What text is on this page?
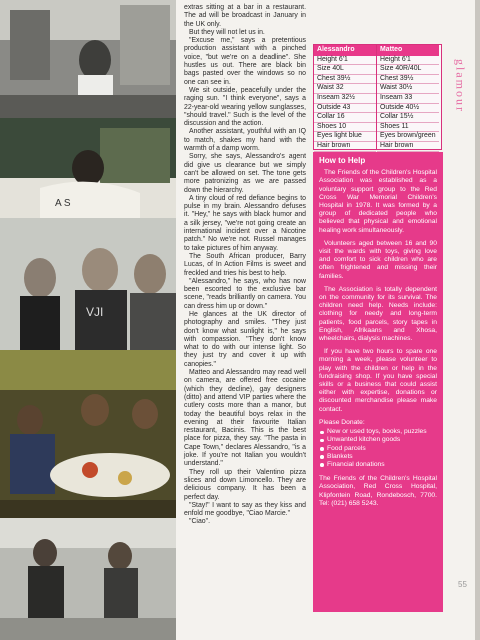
A S
VJI

extras sitting at a bar in a restaurant. The ad will be broadcast in January in the UK only.

But they will not let us in.

"Excuse me," says a pretentious production assistant with a pinched voice, "but we're on a deadline". She hustles us out. There are black bin bags pasted over the windows so no one can see in.

We sit outside, peacefully under the raging sun. "I think everyone", says a 22-year-old wearing yellow sunglasses, "should travel." Such is the level of the discussion and the action.

Another assistant, youthful with an IQ to match, shakes my hand with the warmth of a damp worm.

Sorry, she says, Alessandro's agent did give us clearance but we simply can't be allowed on set. The tone gets more patronizing as we are passed down the hierarchy.

A tiny cloud of red defiance begins to pulse in my brain. Alessandro defuses it. "Hey," he says with black humor and a silk jersey, "we're not going create an international incident over a Nicotine patch." No we're not. Russel manages to take pictures of him anyway.

The South African producer, Barry Lucas, of In Action Films is sweet and freckled and tries his best to help.

"Alessandro," he says, who has now been escorted to the exclusive bar scene, "reads brilliantly on camera. You can dress him up or down."

He glances at the UK director of photography and smiles. "They just don't know what sunlight is," he says with compassion. "They don't know what to do with our intense light. So they just try and cover it up with canopies."

Matteo and Alessandro may read well on camera, are offered free cocaine (which they decline), gay designers (ditto) and attend VIP parties where the cutlery costs more than a manor, but today the beautiful boys relax in the evening at their favourite Italian restaurant, Bacinis. This is the best place for pizza, they say. "The pasta in Cape Town," declares Alessandro, "is a joke. If you're not Italian you wouldn't understand."

They roll up their Valentino pizza slices and down Limoncello. They are delicious company. It has been a perfect day.

"Stay!" I want to say as they kiss and enfold me goodbye, "Ciao Marcie."

"Ciao".

Alessandro
Height 6'1
Size 40L
Chest 39½
Waist 32
Inseam 32½
Outside 43
Collar 16
Shoes 10
Eyes light blue
Hair brown
Matteo
Height 6'1
Size 40R/40L
Chest 39½
Waist 30½
Inseam 33
Outside 40½
Collar 15½
Shoes 11
Eyes brown/green
Hair brown
glamour
How to Help

The Friends of the Children's Hospital Association was established as a voluntary support group to the Red Cross War Memorial Children's Hospital in 1978. It was formed by a group of dedicated people who believed that physical and emotional healing work simultaneously.

Volunteers aged between 16 and 90 visit the wards with toys, giving love and comfort to sick children who are often frightened and missing their families.

The Association is totally dependent on the community for its survival. The children need help. Needs include: clothing for needy and long-term patients, food parcels, story tapes in English, Afrikaans and Xhosa, wheelchairs, dialysis machines.

If you have two hours to spare one morning a week, please volunteer to play with the children or help in the fundraising shop. If you have special skills or a business that could assist either with expertise, donations or discounted merchandise please make contact.

Please Donate:
New or used toys, books, puzzles
Unwanted kitchen goods
Food parcels
Blankets
Financial donations

The Friends of the Children's Hospital Association, Red Cross Hospital, Klipfontein Road, Rondebosch, 7700. Tel: (021) 658 5243.

55
